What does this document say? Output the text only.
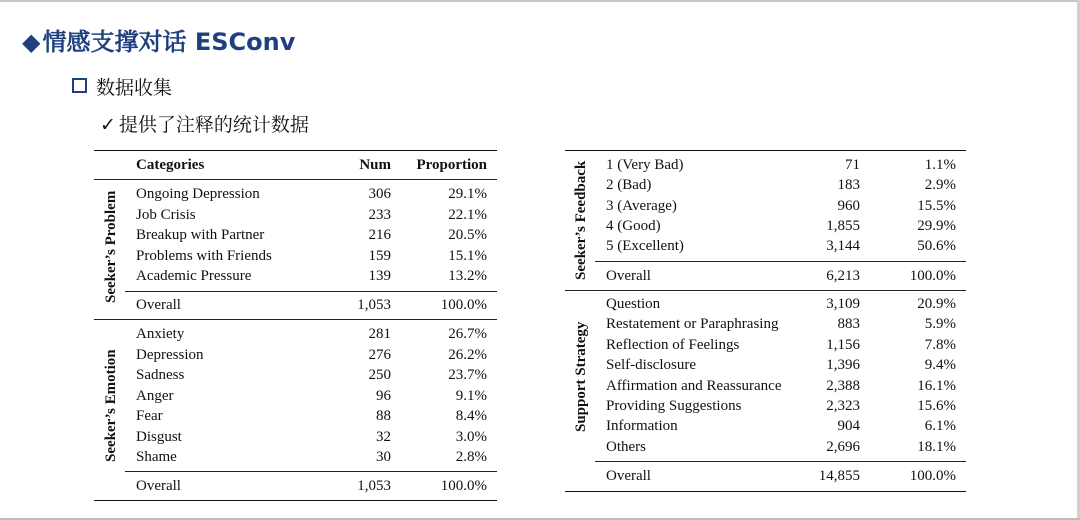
◆情感支撑对话 ESConv
数据收集
✓ 提供了注释的统计数据
Categories	Num	Proportion
Seeker’s Problem Ongoing Depression	306	29.1%
Job Crisis	233	22.1%
Breakup with Partner	216	20.5%
Problems with Friends	159	15.1%
Academic Pressure	139	13.2%
Overall	1,053	100.0%
Seeker’s Emotion
Anxiety	281	26.7%
Depression	276	26.2%
Sadness	250	23.7%
Anger	96	9.1%
Fear	88	8.4%
Disgust	32	3.0%
Shame	30	2.8%
Overall	1,053	100.0%
Seeker’s Feedback 1 (Very Bad)	71	1.1%
2 (Bad)	183	2.9%
3 (Average)	960	15.5%
4 (Good)	1,855	29.9%
5 (Excellent)	3,144	50.6%
Overall	6,213	100.0%
Support Strategy
Question	3,109	20.9%
Restatement or Paraphrasing	883	5.9%
Reflection of Feelings	1,156	7.8%
Self-disclosure	1,396	9.4%
Affirmation and Reassurance	2,388	16.1%
Providing Suggestions	2,323	15.6%
Information	904	6.1%
Others	2,696	18.1%
Overall	14,855	100.0%
